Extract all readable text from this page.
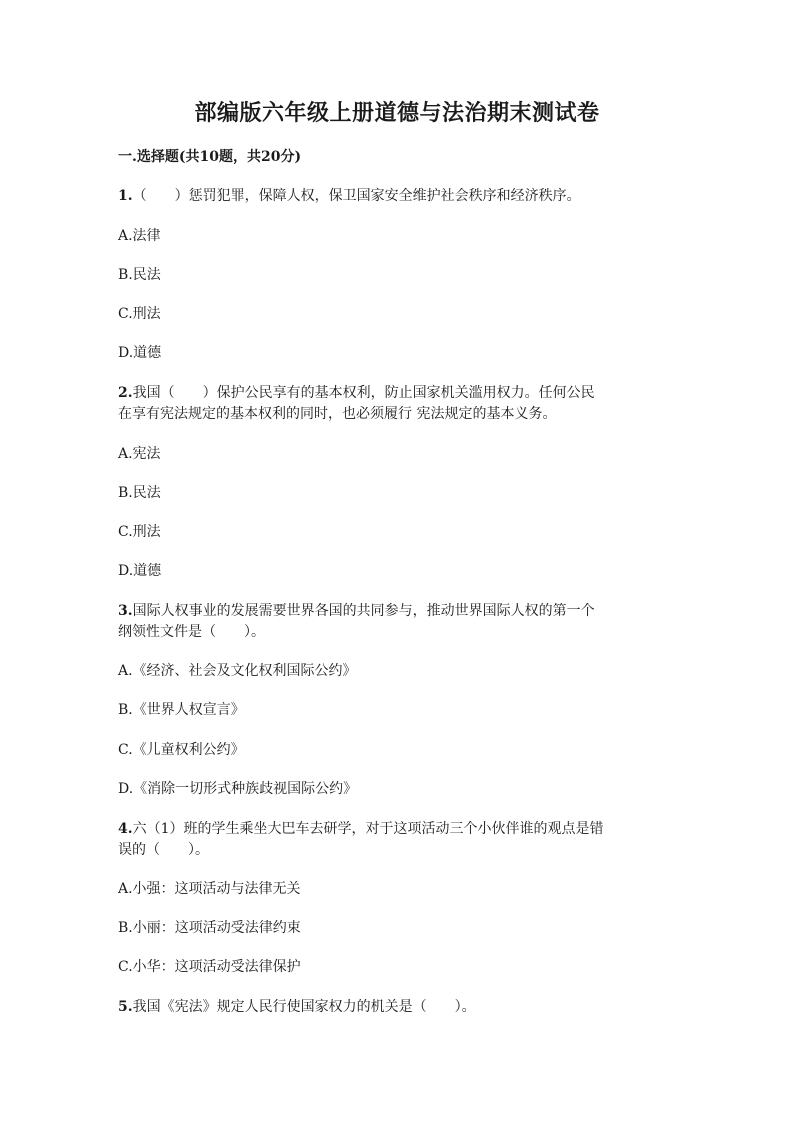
部编版六年级上册道德与法治期末测试卷
一.选择题(共10题，共20分)
1.（　　）惩罚犯罪，保障人权，保卫国家安全维护社会秩序和经济秩序。
A.法律
B.民法
C.刑法
D.道德
2.我国（　　）保护公民享有的基本权利，防止国家机关滥用权力。任何公民
在享有宪法规定的基本权利的同时，也必须履行 宪法规定的基本义务。
A.宪法
B.民法
C.刑法
D.道德
3.国际人权事业的发展需要世界各国的共同参与，推动世界国际人权的第一个
纲领性文件是（　　）。
A.《经济、社会及文化权利国际公约》
B.《世界人权宣言》
C.《儿童权利公约》
D.《消除一切形式种族歧视国际公约》
4.六（1）班的学生乘坐大巴车去研学，对于这项活动三个小伙伴谁的观点是错
误的（　　）。
A.小强：这项活动与法律无关
B.小丽：这项活动受法律约束
C.小华：这项活动受法律保护
5.我国《宪法》规定人民行使国家权力的机关是（　　）。
